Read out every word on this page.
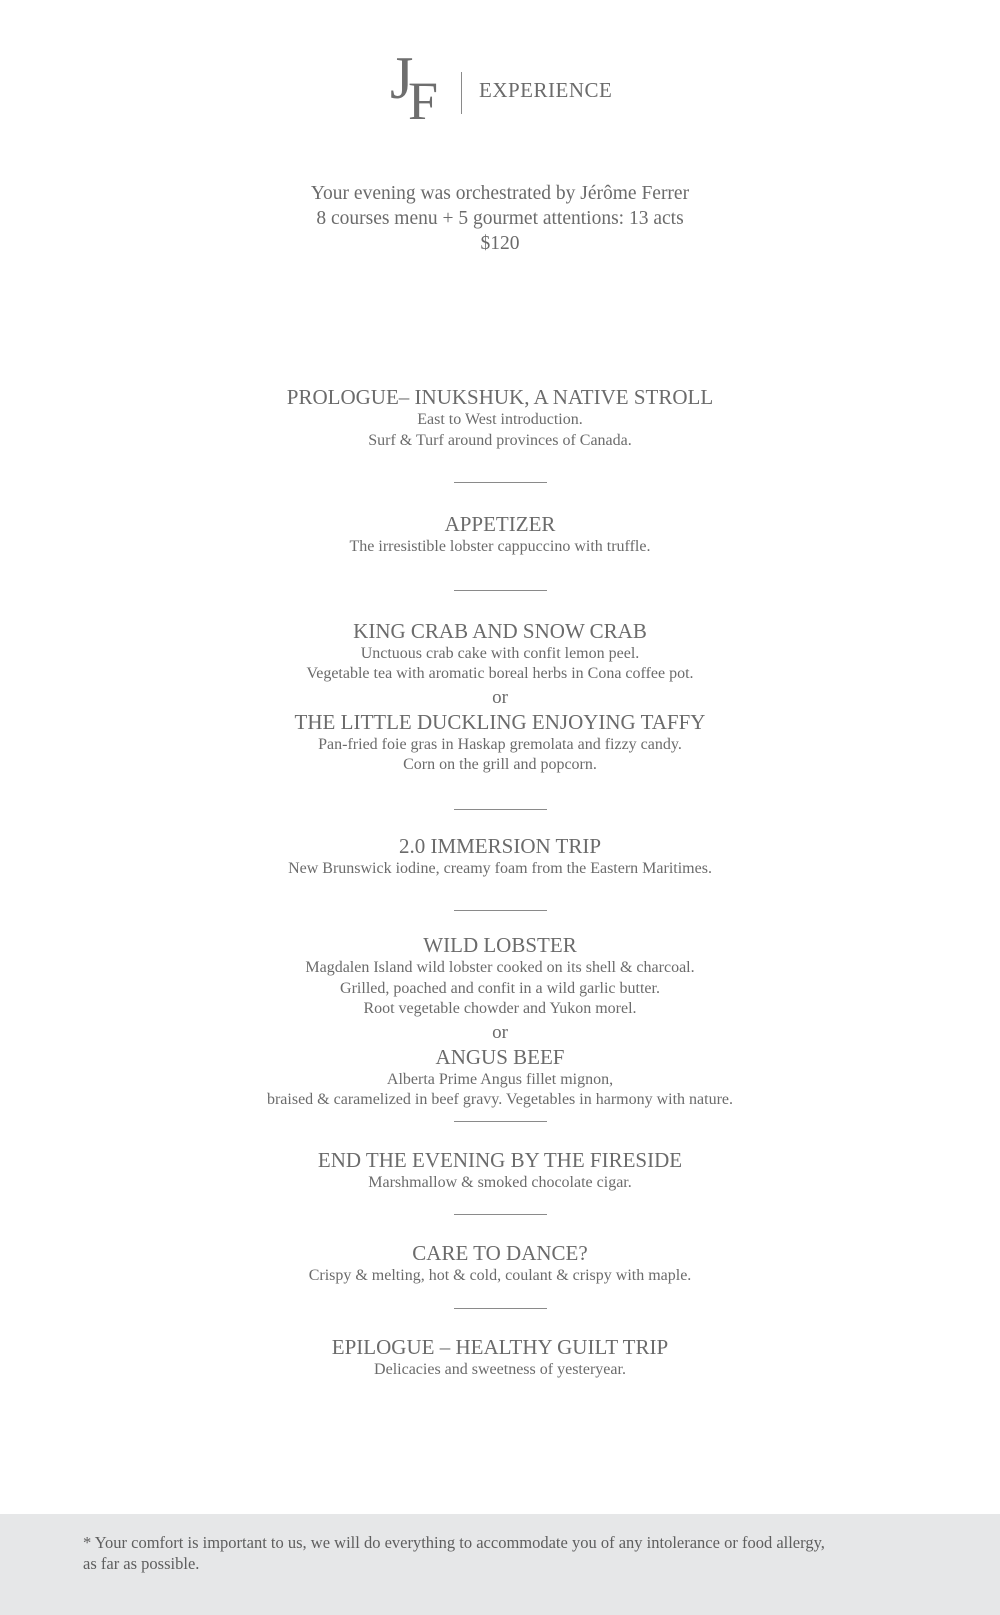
J
F EXPERIENCE
Your evening was orchestrated by Jérôme Ferrer
8 courses menu + 5 gourmet attentions: 13 acts
$120
PROLOGUE– INUKSHUK, A NATIVE STROLL
East to West introduction.
Surf & Turf around provinces of Canada.
APPETIZER
The irresistible lobster cappuccino with truffle.
KING CRAB AND SNOW CRAB
Unctuous crab cake with confit lemon peel.
Vegetable tea with aromatic boreal herbs in Cona coffee pot.
or
THE LITTLE DUCKLING ENJOYING TAFFY
Pan-fried foie gras in Haskap gremolata and fizzy candy.
Corn on the grill and popcorn.
2.0 IMMERSION TRIP
New Brunswick iodine, creamy foam from the Eastern Maritimes.
WILD LOBSTER
Magdalen Island wild lobster cooked on its shell & charcoal.
Grilled, poached and confit in a wild garlic butter.
Root vegetable chowder and Yukon morel.
or
ANGUS BEEF
Alberta Prime Angus fillet mignon,
braised & caramelized in beef gravy. Vegetables in harmony with nature.
END THE EVENING BY THE FIRESIDE
Marshmallow & smoked chocolate cigar.
CARE TO DANCE?
Crispy & melting, hot & cold, coulant & crispy with maple.
EPILOGUE – HEALTHY GUILT TRIP
Delicacies and sweetness of yesteryear.
* Your comfort is important to us, we will do everything to accommodate you of any intolerance or food allergy,
as far as possible.
